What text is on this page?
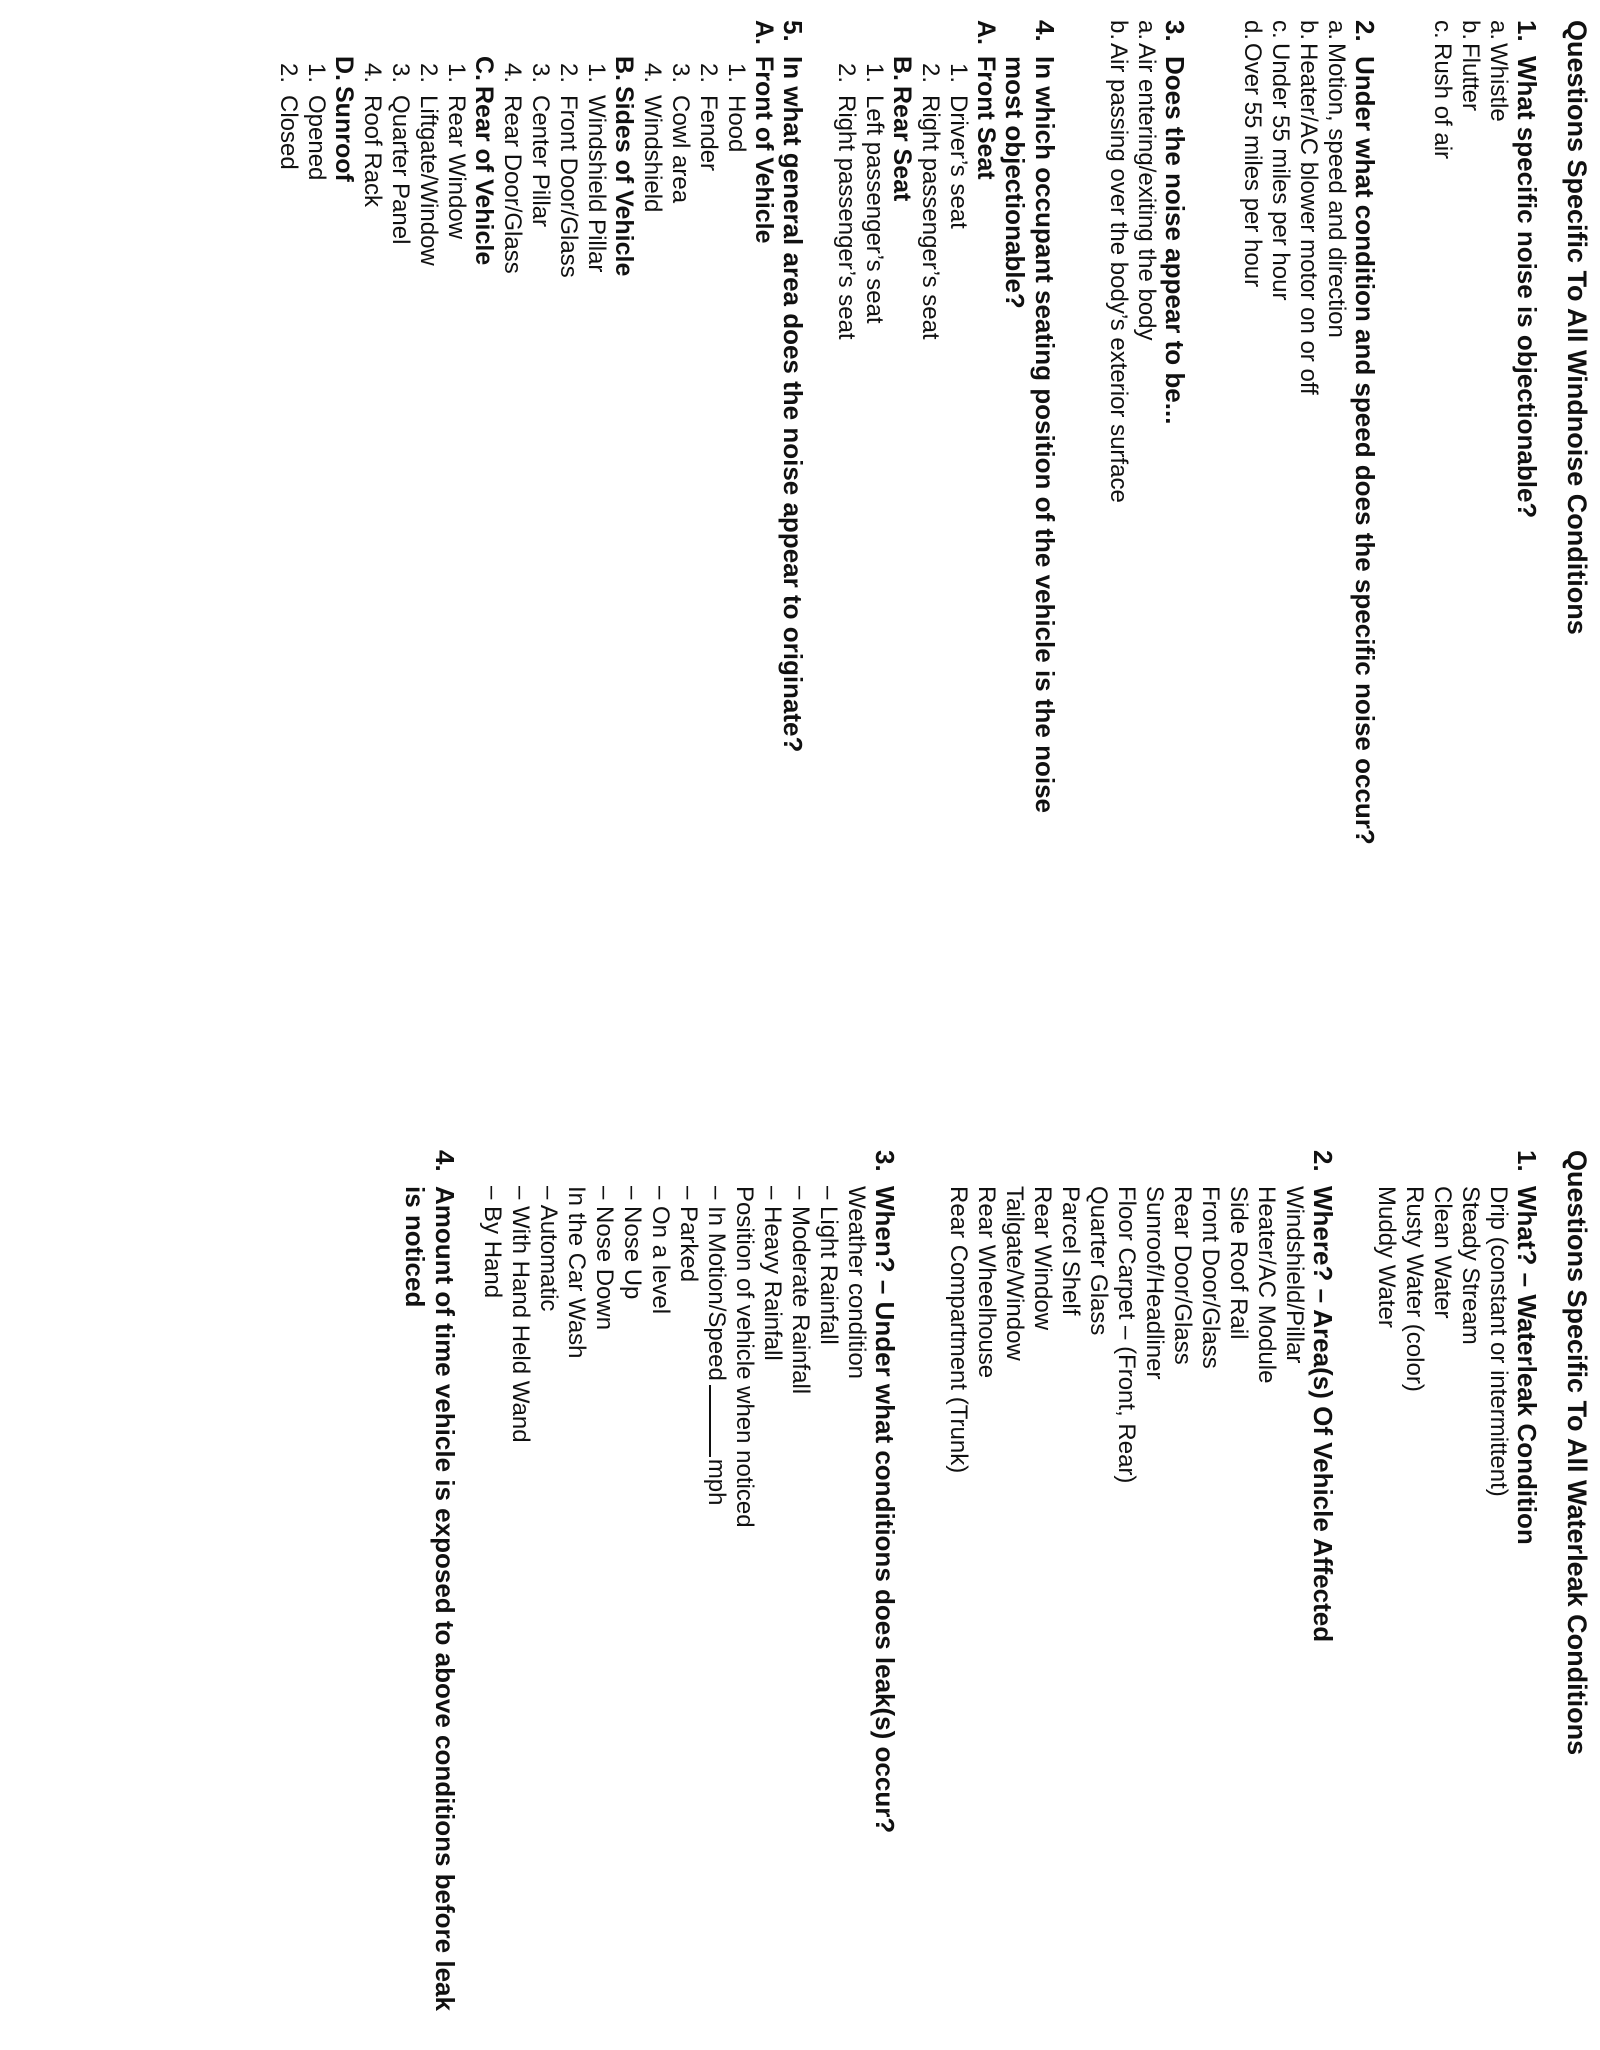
Questions Specific To All Windnoise Conditions
1.
What specific noise is objectionable?
a.
Whistle
b.
Flutter
c.
Rush of air
2.
Under what condition and speed does the specific noise occur?
a.
Motion, speed and direction
b.
Heater/AC blower motor on or off
c.
Under 55 miles per hour
d.
Over 55 miles per hour
3.
Does the noise appear to be...
a.
Air entering/exiting the body
b.
Air passing over the body’s exterior surface
4.
In which occupant seating position of the vehicle is the noise most objectionable?
A.
Front Seat
1.
Driver’s seat
2.
Right passenger’s seat
B.
Rear Seat
1.
Left passenger’s seat
2.
Right passenger’s seat
5.
In what general area does the noise appear to originate?
A.
Front of Vehicle
1.
Hood
2.
Fender
3.
Cowl area
4.
Windshield
B.
Sides of Vehicle
1.
Windshield Pillar
2.
Front Door/Glass
3.
Center Pillar
4.
Rear Door/Glass
C.
Rear of Vehicle
1.
Rear Window
2.
Liftgate/Window
3.
Quarter Panel
4.
Roof Rack
D.
Sunroof
1.
Opened
2.
Closed
Questions Specific To All Waterleak Conditions
1.
What? – Waterleak Condition
Drip (constant or intermittent)
Steady Stream
Clean Water
Rusty Water (color)
Muddy Water
2.
Where? – Area(s) Of Vehicle Affected
Windshield/Pillar
Heater/AC Module
Side Roof Rail
Front Door/Glass
Rear Door/Glass
Sunroof/Headliner
Floor Carpet – (Front, Rear)
Quarter Glass
Parcel Shelf
Rear Window
Tailgate/Window
Rear Wheelhouse
Rear Compartment (Trunk)
3.
When? – Under what conditions does leak(s) occur?
Weather condition
– Light Rainfall
– Moderate Rainfall
– Heavy Rainfall
Position of vehicle when noticed
– In Motion/Speedmph
– Parked
– On a level
– Nose Up
– Nose Down
In the Car Wash
– Automatic
– With Hand Held Wand
– By Hand
4.
Amount of time vehicle is exposed to above conditions before leak is noticed
